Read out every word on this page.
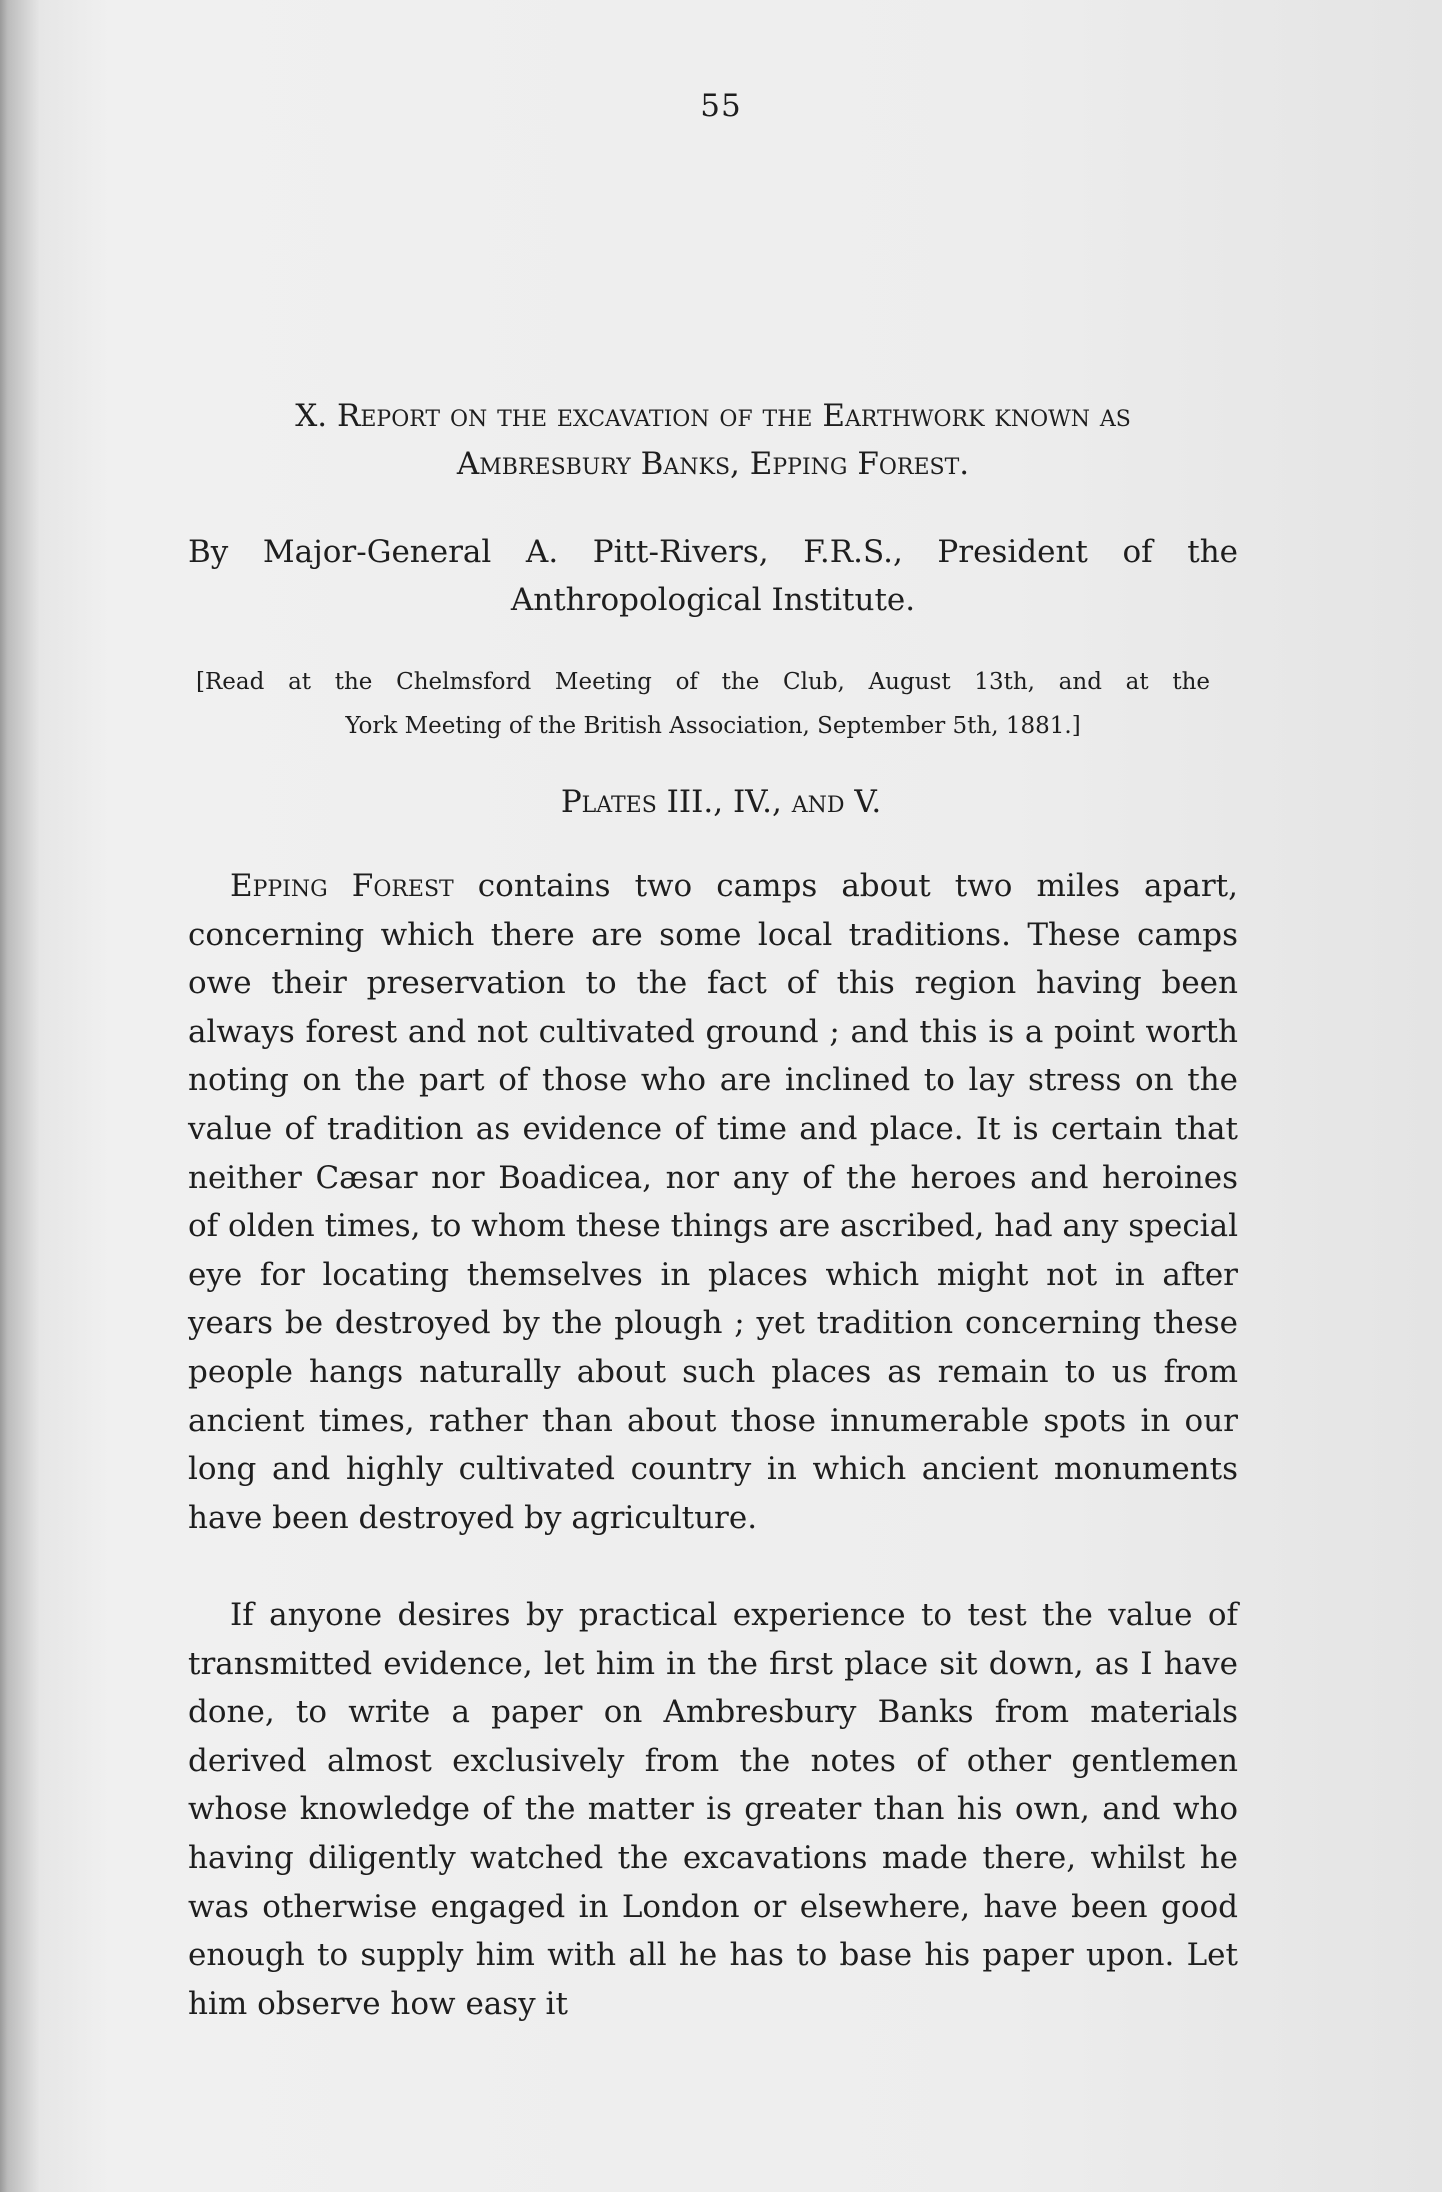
55
X. Report on the excavation of the Earthwork known as
Ambresbury Banks, Epping Forest.
By Major-General A. Pitt-Rivers, F.R.S., President of the
Anthropological Institute.
[Read at the Chelmsford Meeting of the Club, August 13th, and at the
York Meeting of the British Association, September 5th, 1881.]
Plates III., IV., and V.
Epping Forest contains two camps about two miles apart, concerning which there are some local traditions. These camps owe their preservation to the fact of this region having been always forest and not cultivated ground ; and this is a point worth noting on the part of those who are inclined to lay stress on the value of tradition as evidence of time and place. It is certain that neither Cæsar nor Boadicea, nor any of the heroes and heroines of olden times, to whom these things are ascribed, had any special eye for locating themselves in places which might not in after years be destroyed by the plough ; yet tradition concerning these people hangs naturally about such places as remain to us from ancient times, rather than about those innumerable spots in our long and highly cultivated country in which ancient monuments have been destroyed by agriculture.
If anyone desires by practical experience to test the value of transmitted evidence, let him in the first place sit down, as I have done, to write a paper on Ambresbury Banks from materials derived almost exclusively from the notes of other gentlemen whose knowledge of the matter is greater than his own, and who having diligently watched the excavations made there, whilst he was otherwise engaged in London or elsewhere, have been good enough to supply him with all he has to base his paper upon. Let him observe how easy it
